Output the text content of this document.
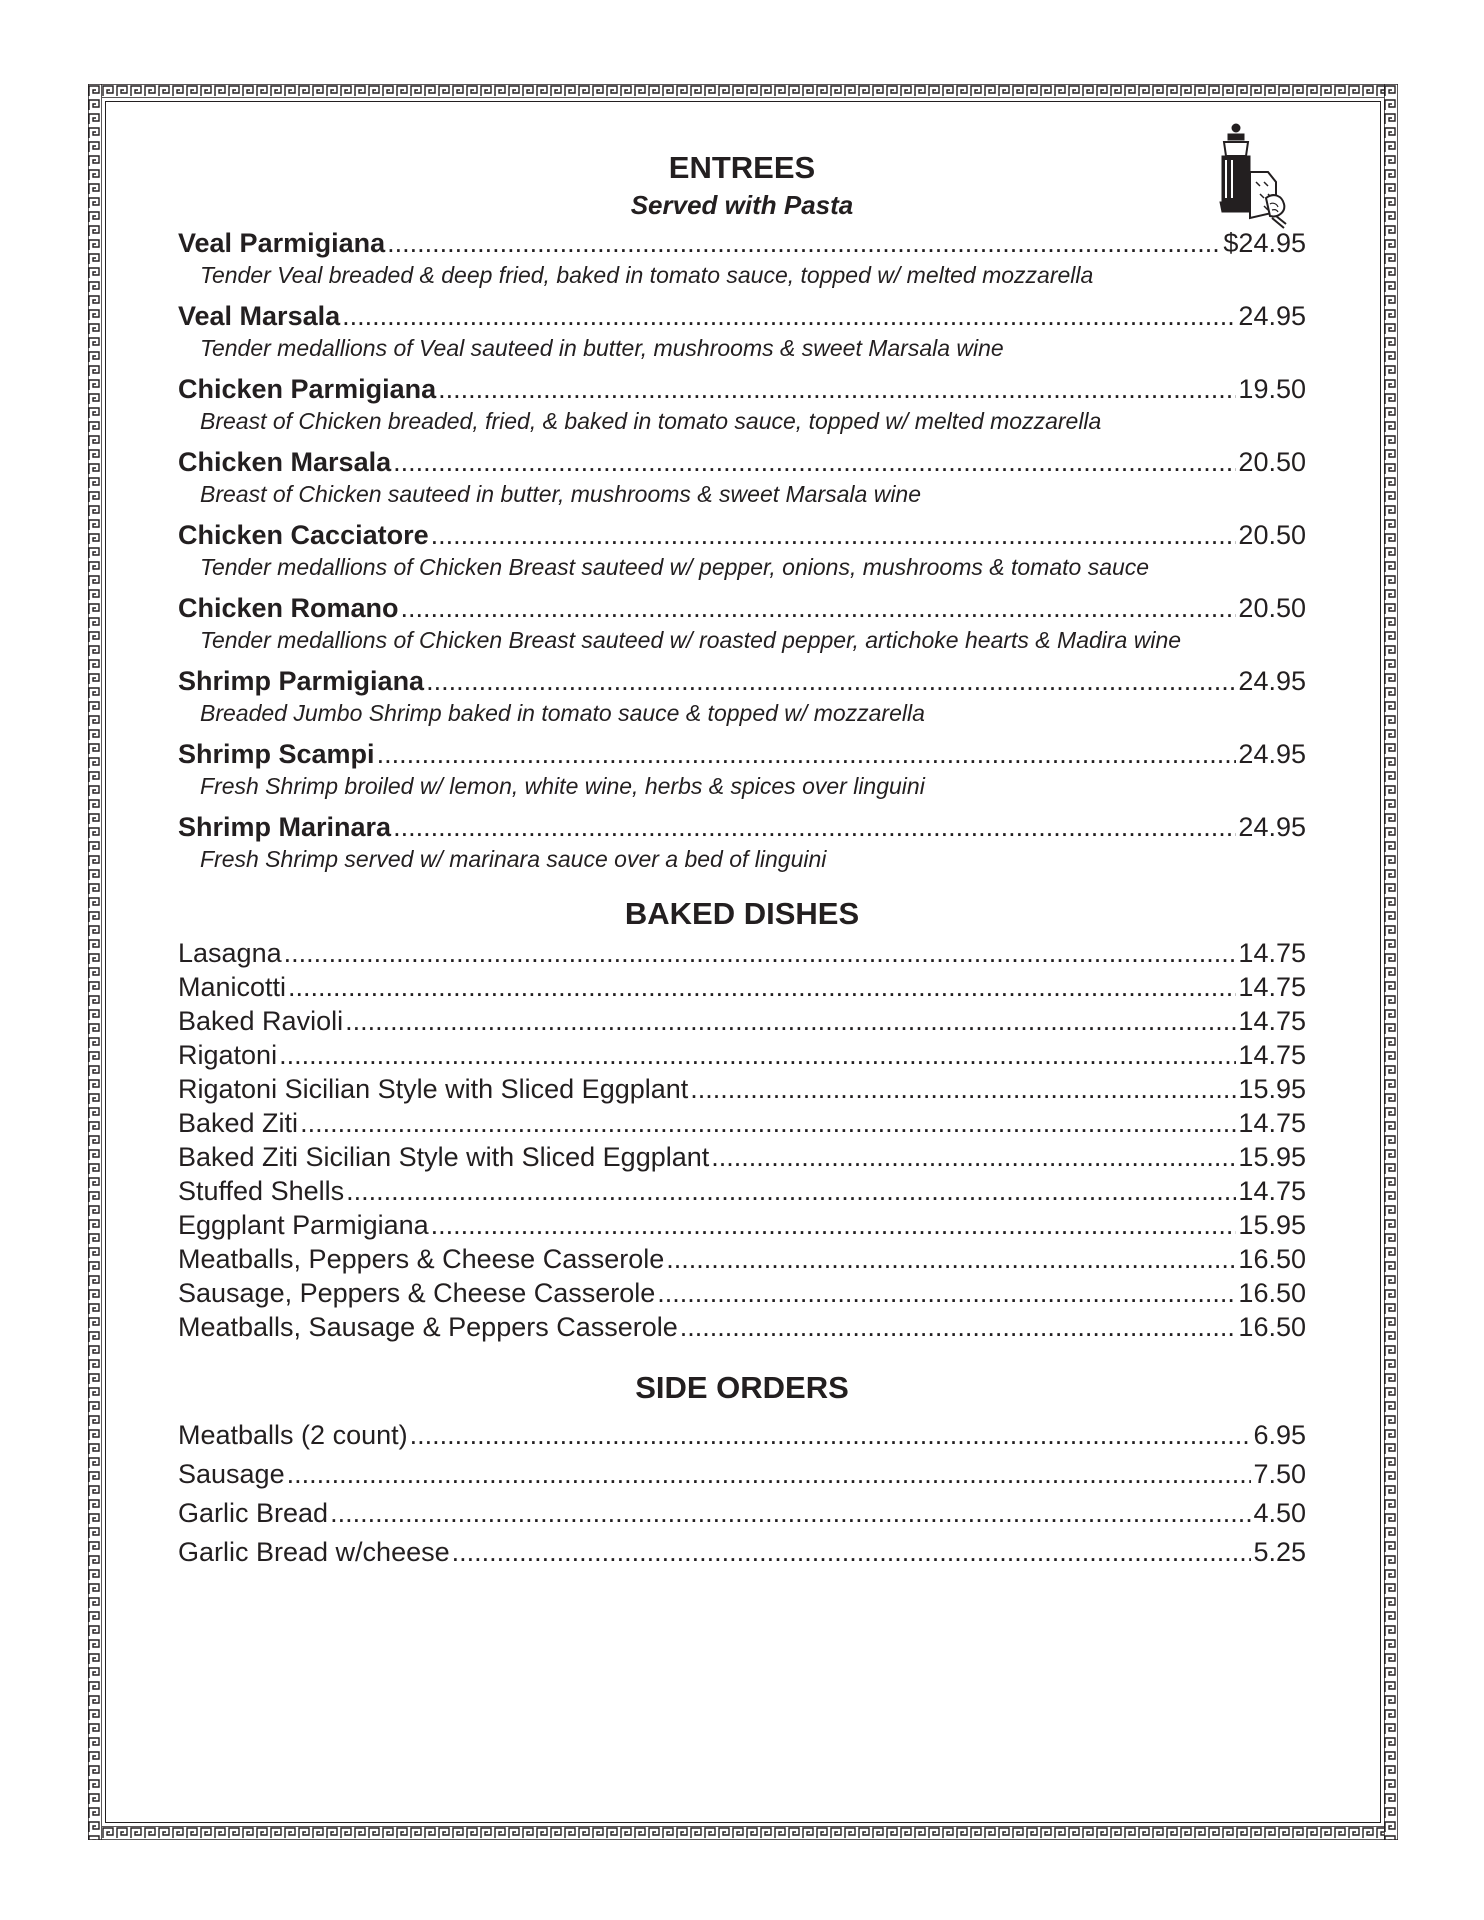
ENTREES
Served with Pasta
Veal Parmigiana .....	$24.95
Tender Veal breaded & deep fried, baked in tomato sauce, topped w/ melted mozzarella
Veal Marsala .....	24.95
Tender medallions of Veal sauteed in butter, mushrooms & sweet Marsala wine
Chicken Parmigiana .....	19.50
Breast of Chicken breaded, fried, & baked in tomato sauce, topped w/ melted mozzarella
Chicken Marsala .....	20.50
Breast of Chicken sauteed in butter, mushrooms & sweet Marsala wine
Chicken Cacciatore .....	20.50
Tender medallions of Chicken Breast sauteed w/ pepper, onions, mushrooms & tomato sauce
Chicken Romano .....	20.50
Tender medallions of Chicken Breast sauteed w/ roasted pepper, artichoke hearts & Madira wine
Shrimp Parmigiana .....	24.95
Breaded Jumbo Shrimp baked in tomato sauce & topped w/ mozzarella
Shrimp Scampi .....	24.95
Fresh Shrimp broiled w/ lemon, white wine, herbs & spices over linguini
Shrimp Marinara .....	24.95
Fresh Shrimp served w/ marinara sauce over a bed of linguini
BAKED DISHES
Lasagna .....	14.75
Manicotti .....	14.75
Baked Ravioli .....	14.75
Rigatoni .....	14.75
Rigatoni Sicilian Style with Sliced Eggplant .....	15.95
Baked Ziti .....	14.75
Baked Ziti Sicilian Style with Sliced Eggplant .....	15.95
Stuffed Shells .....	14.75
Eggplant Parmigiana .....	15.95
Meatballs, Peppers & Cheese Casserole .....	16.50
Sausage, Peppers & Cheese Casserole .....	16.50
Meatballs, Sausage & Peppers Casserole .....	16.50
SIDE ORDERS
Meatballs (2 count) .....	6.95
Sausage .....	7.50
Garlic Bread .....	4.50
Garlic Bread w/cheese .....	5.25
